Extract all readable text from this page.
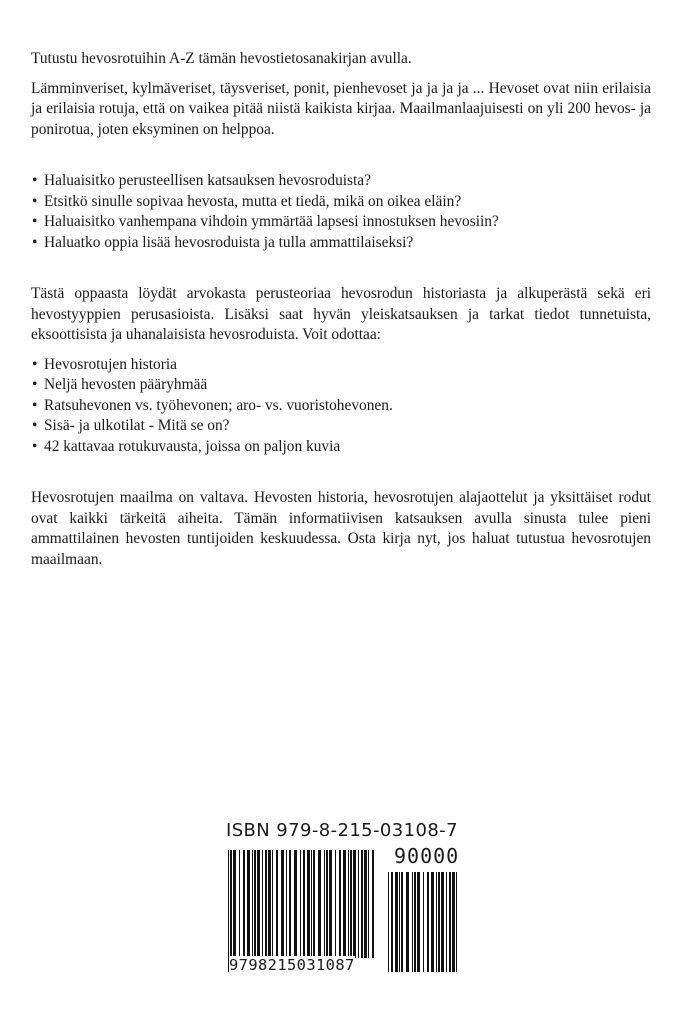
Tutustu hevosrotuihin A-Z tämän hevostietosanakirjan avulla.

Lämminveriset, kylmäveriset, täysveriset, ponit, pienhevoset ja ja ja ja ... Hevoset ovat niin erilaisia ja erilaisia rotuja, että on vaikea pitää niistä kaikista kirjaa. Maailmanlaajuisesti on yli 200 hevos- ja ponirotua, joten eksyminen on helppoa.

• Haluaisitko perusteellisen katsauksen hevosroduista?
• Etsitkö sinulle sopivaa hevosta, mutta et tiedä, mikä on oikea eläin?
• Haluaisitko vanhempana vihdoin ymmärtää lapsesi innostuksen hevosiin?
• Haluatko oppia lisää hevosroduista ja tulla ammattilaiseksi?

Tästä oppaasta löydät arvokasta perusteoriaa hevosrodun historiasta ja alkuperästä sekä eri hevostyyppien perusasioista. Lisäksi saat hyvän yleiskatsauksen ja tarkat tiedot tunnetuista, eksoottisista ja uhanalaisista hevosroduista. Voit odottaa:

• Hevosrotujen historia
• Neljä hevosten pääryhmää
• Ratsuhevonen vs. työhevonen; aro- vs. vuoristohevonen.
• Sisä- ja ulkotilat - Mitä se on?
• 42 kattavaa rotukuvausta, joissa on paljon kuvia

Hevosrotujen maailma on valtava. Hevosten historia, hevosrotujen alajaottelut ja yksittäiset rodut ovat kaikki tärkeitä aiheita. Tämän informatiivisen katsauksen avulla sinusta tulee pieni ammattilainen hevosten tuntijoiden keskuudessa. Osta kirja nyt, jos haluat tutustua hevosrotujen maailmaan.

ISBN 979-8-215-03108-7
90000
9798215031087
